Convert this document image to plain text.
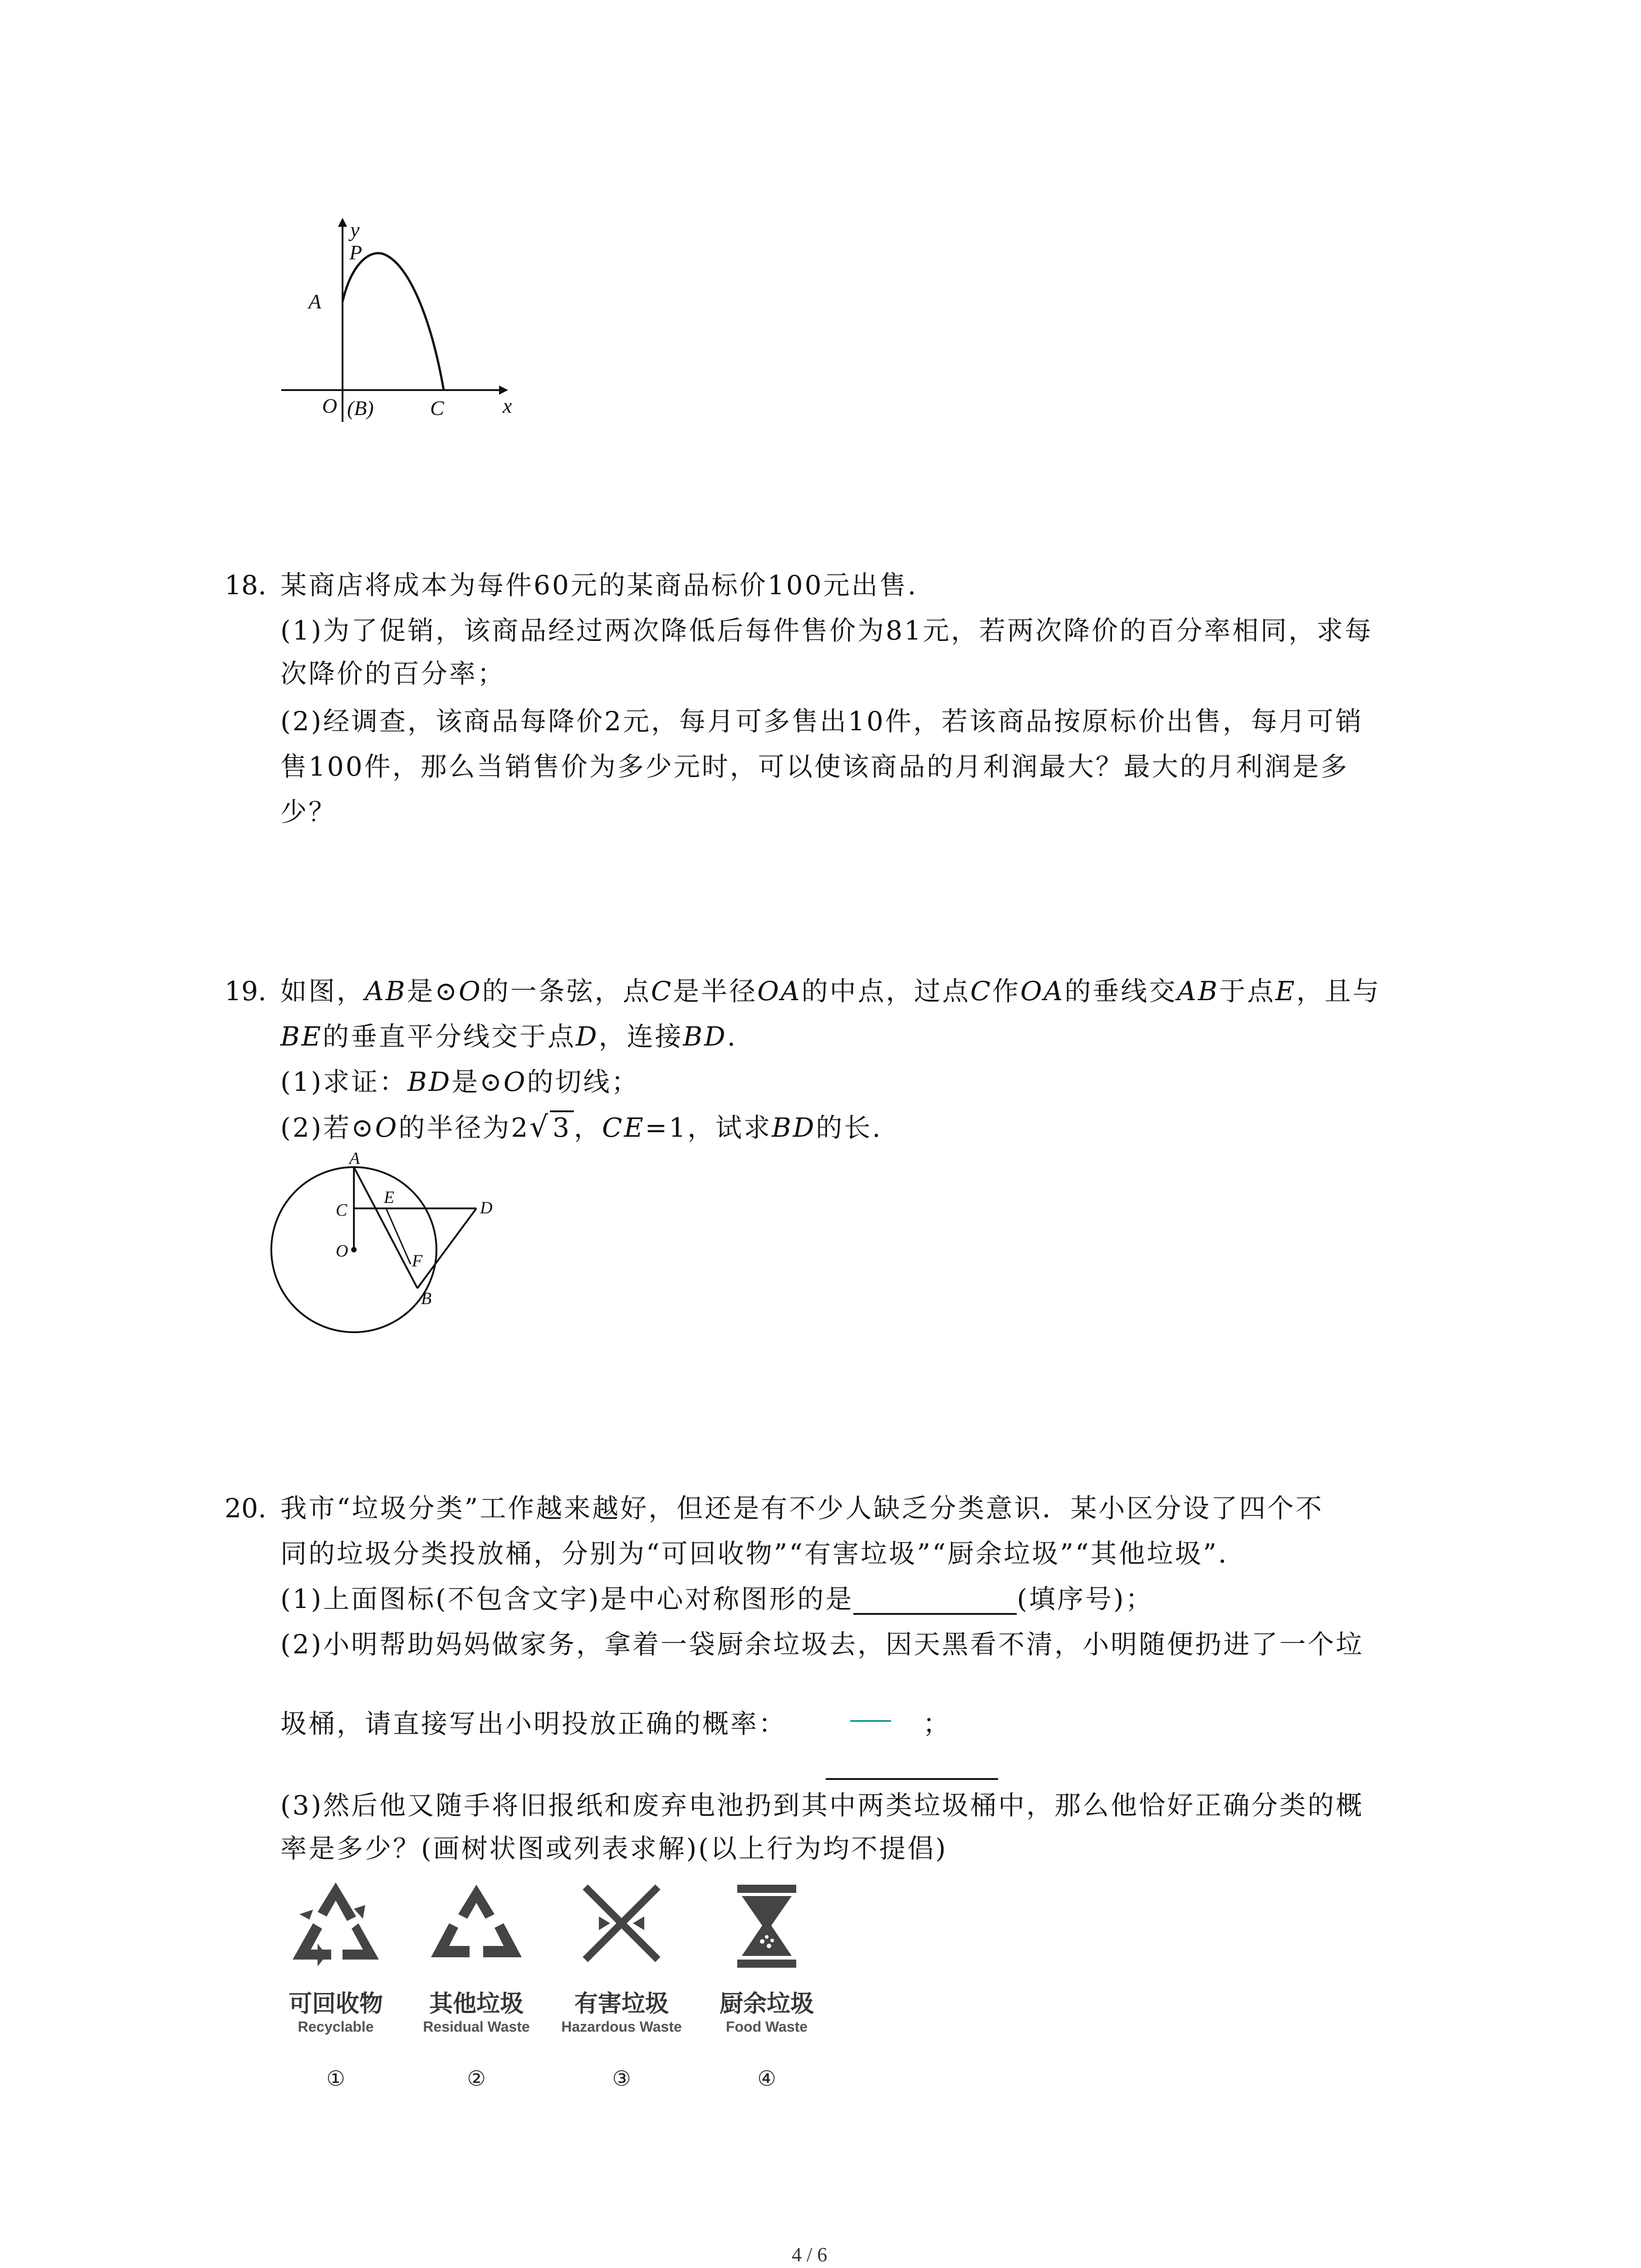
y
P
A
O (B)	C	x
18. 某商店将成本为每件60元的某商品标价100元出售.
(1)为了促销，该商品经过两次降低后每件售价为81元，若两次降价的百分率相同，求每
次降价的百分率；
(2)经调查，该商品每降价2元，每月可多售出10件，若该商品按原标价出售，每月可销
售100件，那么当销售价为多少元时，可以使该商品的月利润最大？最大的月利润是多
少？
19. 如图，AB是⊙O的一条弦，点C是半径OA的中点，过点C作OA的垂线交AB于点E，且与
BE的垂直平分线交于点D，连接BD.
(1)求证：BD是⊙O的切线；
(2)若⊙O的半径为2√ 3 ，CE=1，试求BD的长.
A
C
E
D
O
F
B
20. 我市“垃圾分类”工作越来越好，但还是有不少人缺乏分类意识．某小区分设了四个不
同的垃圾分类投放桶，分别为“可回收物”“有害垃圾”“厨余垃圾”“其他垃圾”．
(1)上面图标(不包含文字)是中心对称图形的是	(填序号)；
(2)小明帮助妈妈做家务，拿着一袋厨余垃圾去，因天黑看不清，小明随便扔进了一个垃
圾桶，请直接写出小明投放正确的概率：	；
(3)然后他又随手将旧报纸和废弃电池扔到其中两类垃圾桶中，那么他恰好正确分类的概
率是多少？(画树状图或列表求解)(以上行为均不提倡)
可回收物	其他垃圾	有害垃圾	厨余垃圾
Recyclable	Residual Waste	Hazardous Waste	Food Waste
①	②	③	④
4 / 6
